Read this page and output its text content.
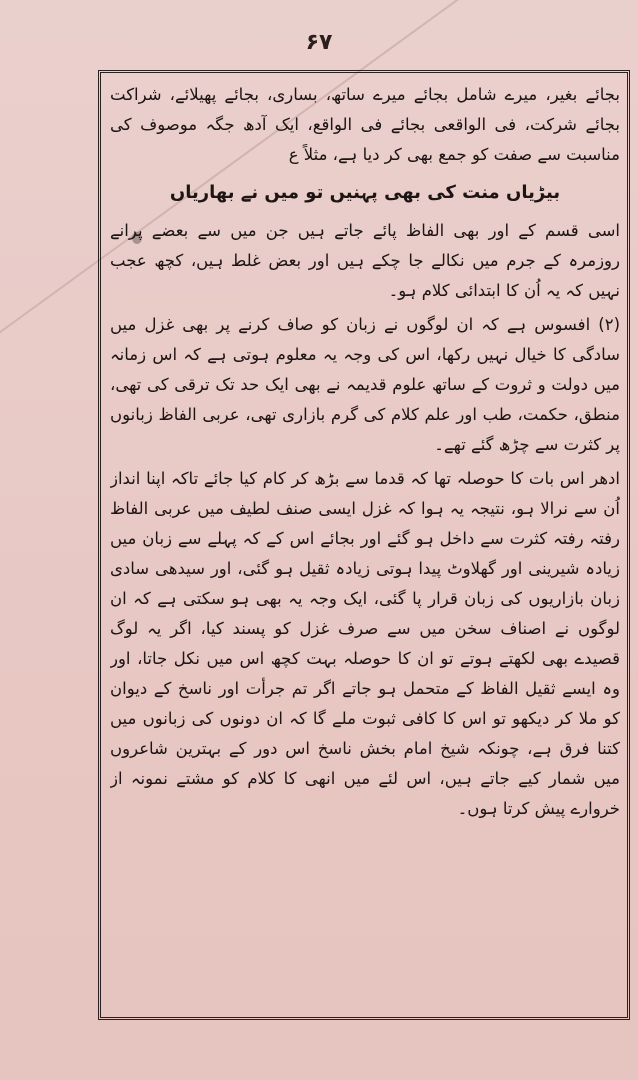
۶۷

بجائے بغیر، میرے شامل بجائے میرے ساتھ، بساری، بجائے پھیلائے، شراکت بجائے شرکت، فی الواقعی بجائے فی الواقع، ایک آدھ جگہ موصوف کی مناسبت سے صفت کو جمع بھی کر دیا ہے، مثلاً ع

بیڑیاں منت کی بھی پہنیں تو میں نے بھاریاں

اسی قسم کے اور بھی الفاظ پائے جاتے ہیں جن میں سے بعضے پرانے روزمرہ کے جرم میں نکالے جا چکے ہیں اور بعض غلط ہیں، کچھ عجب نہیں کہ یہ اُن کا ابتدائی کلام ہو۔

(۲) افسوس ہے کہ ان لوگوں نے زبان کو صاف کرنے پر بھی غزل میں سادگی کا خیال نہیں رکھا، اس کی وجہ یہ معلوم ہوتی ہے کہ اس زمانہ میں دولت و ثروت کے ساتھ علوم قدیمہ نے بھی ایک حد تک ترقی کی تھی، منطق، حکمت، طب اور علم کلام کی گرم بازاری تھی، عربی الفاظ زبانوں پر کثرت سے چڑھ گئے تھے۔

ادھر اس بات کا حوصلہ تھا کہ قدما سے بڑھ کر کام کیا جائے تاکہ اپنا انداز اُن سے نرالا ہو، نتیجہ یہ ہوا کہ غزل ایسی صنف لطیف میں عربی الفاظ رفتہ رفتہ کثرت سے داخل ہو گئے اور بجائے اس کے کہ پہلے سے زبان میں زیادہ شیرینی اور گھلاوٹ پیدا ہوتی زیادہ ثقیل ہو گئی، اور سیدھی سادی زبان بازاریوں کی زبان قرار پا گئی، ایک وجہ یہ بھی ہو سکتی ہے کہ ان لوگوں نے اصناف سخن میں سے صرف غزل کو پسند کیا، اگر یہ لوگ قصیدے بھی لکھتے ہوتے تو ان کا حوصلہ بہت کچھ اس میں نکل جاتا، اور وہ ایسے ثقیل الفاظ کے متحمل ہو جاتے اگر تم جرأت اور ناسخ کے دیوان کو ملا کر دیکھو تو اس کا کافی ثبوت ملے گا کہ ان دونوں کی زبانوں میں کتنا فرق ہے، چونکہ شیخ امام بخش ناسخ اس دور کے بہترین شاعروں میں شمار کیے جاتے ہیں، اس لئے میں انھی کا کلام کو مشتے نمونہ از خروارے پیش کرتا ہوں۔
